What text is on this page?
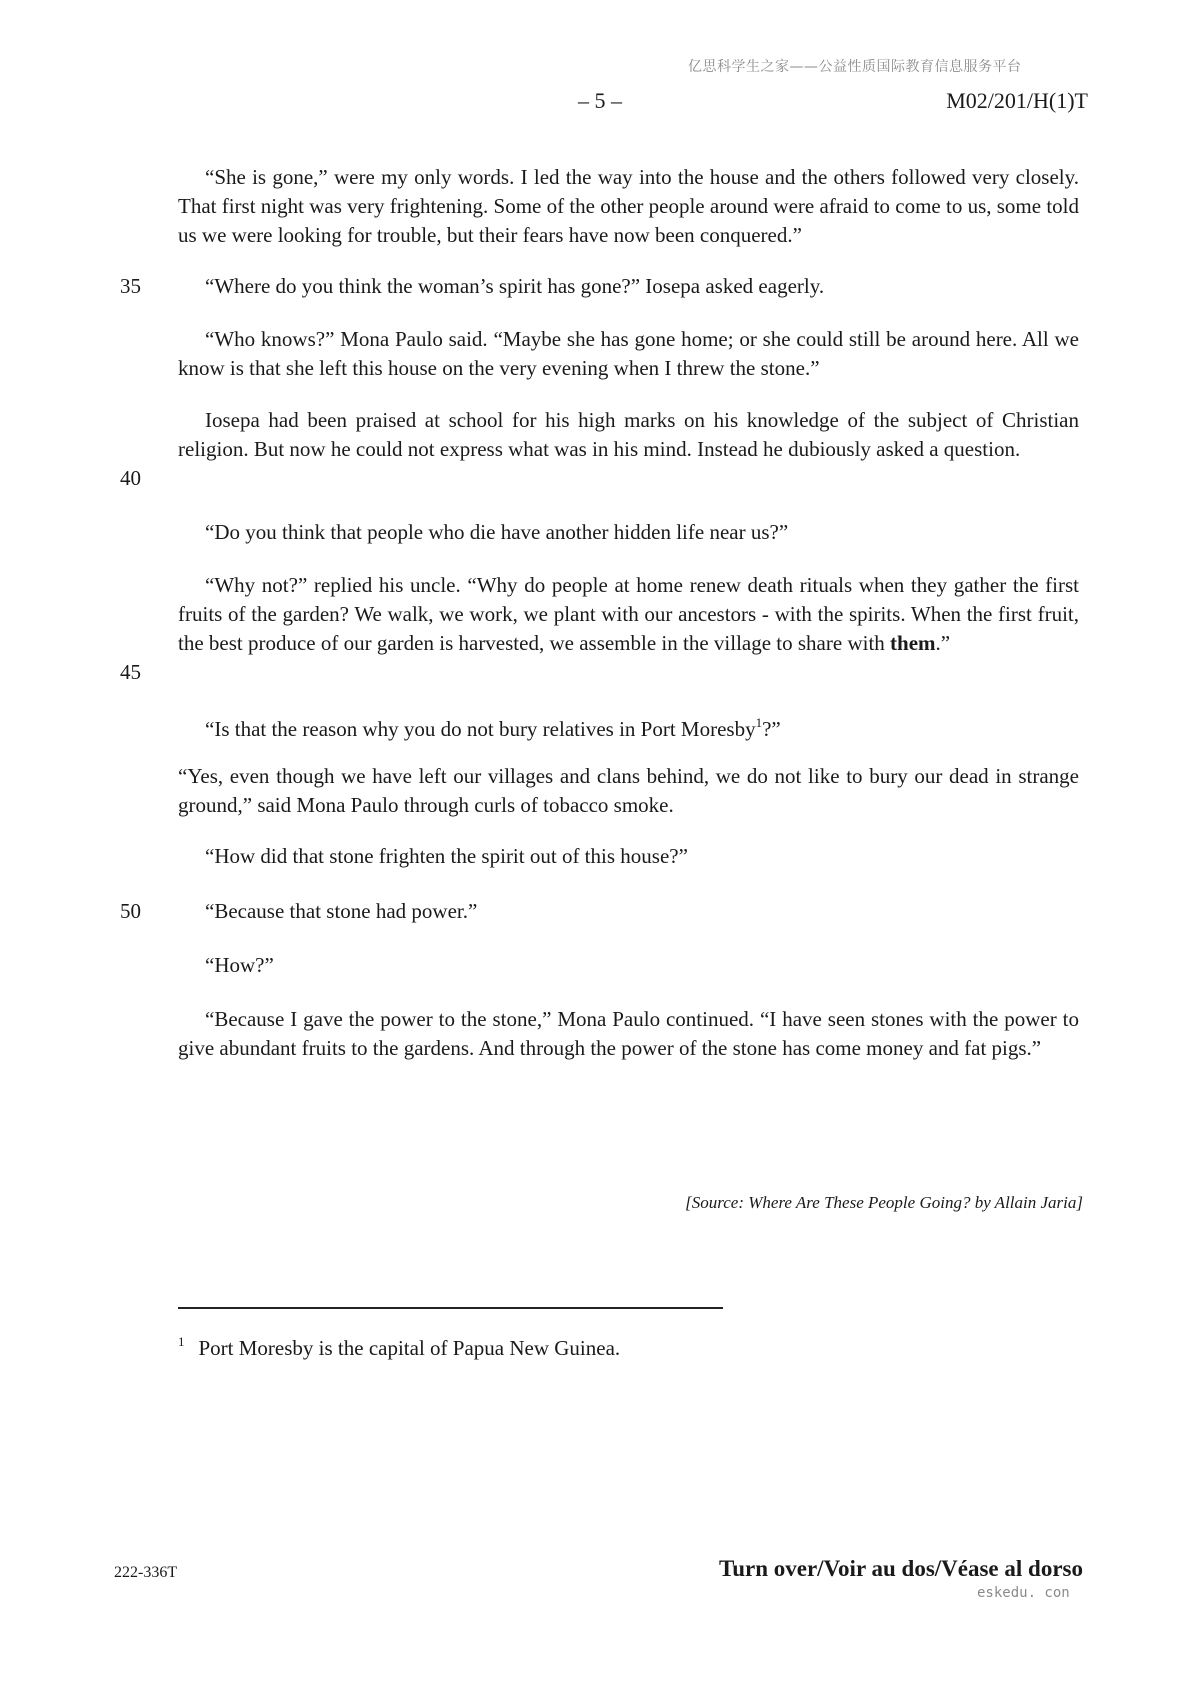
亿思科学生之家——公益性质国际教育信息服务平台
– 5 –	M02/201/H(1)T
“She is gone,” were my only words. I led the way into the house and the others followed very closely. That first night was very frightening. Some of the other people around were afraid to come to us, some told us we were looking for trouble, but their fears have now been conquered.”
35	“Where do you think the woman’s spirit has gone?” Iosepa asked eagerly.
“Who knows?” Mona Paulo said. “Maybe she has gone home; or she could still be around here. All we know is that she left this house on the very evening when I threw the stone.”
Iosepa had been praised at school for his high marks on his knowledge of the subject of Christian religion. But now he could not express what was in his mind. Instead he dubiously asked a question.
40
“Do you think that people who die have another hidden life near us?”
“Why not?” replied his uncle. “Why do people at home renew death rituals when they gather the first fruits of the garden? We walk, we work, we plant with our ancestors - with the spirits. When the first fruit, the best produce of our garden is harvested, we assemble in the village to share with them.”
45
“Is that the reason why you do not bury relatives in Port Moresby$^1$?”
“Yes, even though we have left our villages and clans behind, we do not like to bury our dead in strange ground,” said Mona Paulo through curls of tobacco smoke.
“How did that stone frighten the spirit out of this house?”
50	“Because that stone had power.”
“How?”
“Because I gave the power to the stone,” Mona Paulo continued. “I have seen stones with the power to give abundant fruits to the gardens. And through the power of the stone has come money and fat pigs.”
[Source: Where Are These People Going? by Allain Jaria]
$^1$ Port Moresby is the capital of Papua New Guinea.
222-336T	Turn over/Voir au dos/Véase al dorso
eskedu. con
